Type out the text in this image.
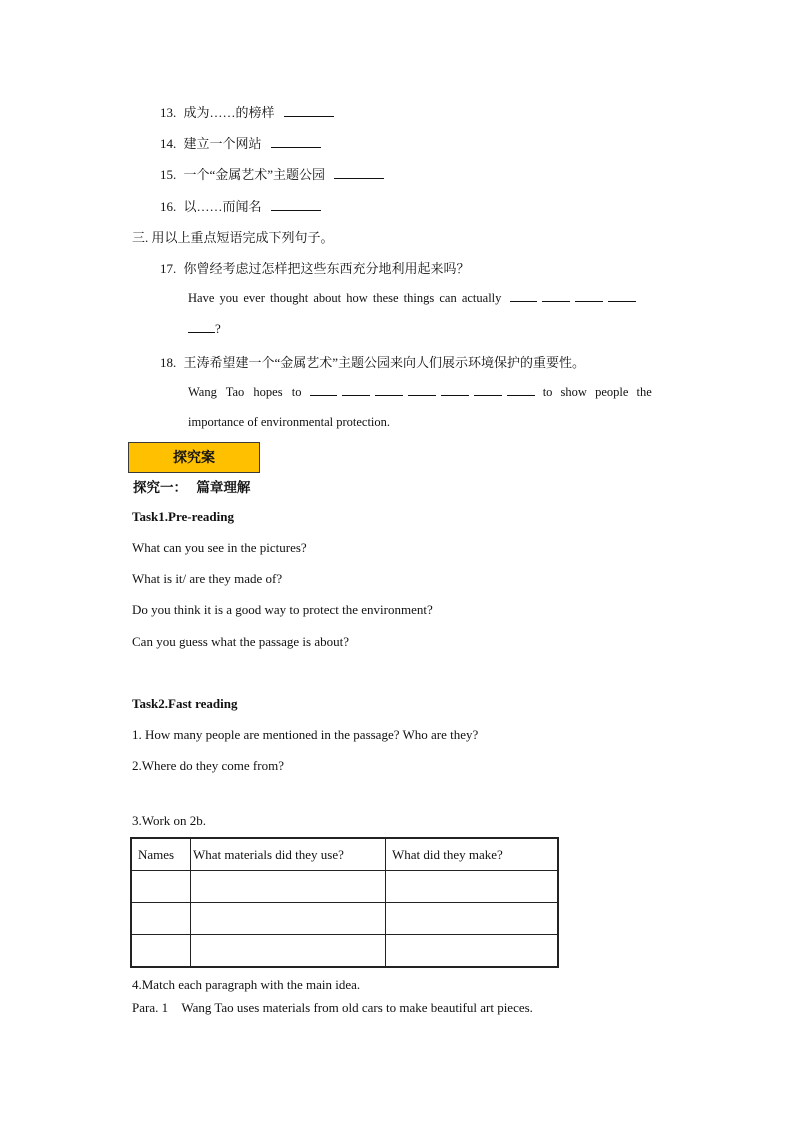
13. 成为……的榜样
14. 建立一个网站
15. 一个“金属艺术”主题公园
16. 以……而闻名
三. 用以上重点短语完成下列句子。
17. 你曾经考虑过怎样把这些东西充分地利用起来吗？
Have you ever thought about how these things can actually
?
18. 王涛希望建一个“金属艺术”主题公园来向人们展示环境保护的重要性。
Wang Tao hopes to	to show people the
importance of environmental protection.
探究案
探究一：  篇章理解
Task1.Pre-reading
What can you see in the pictures?
What is it/ are they made of?
Do you think it is a good way to protect the environment?
Can you guess what the passage is about?
Task2.Fast reading
1. How many people are mentioned in the passage? Who are they?
2.Where do they come from?
3.Work on 2b.
Names	What materials did they use?	What did they make?

4.Match each paragraph with the main idea.
Para. 1 Wang Tao uses materials from old cars to make beautiful art pieces.
